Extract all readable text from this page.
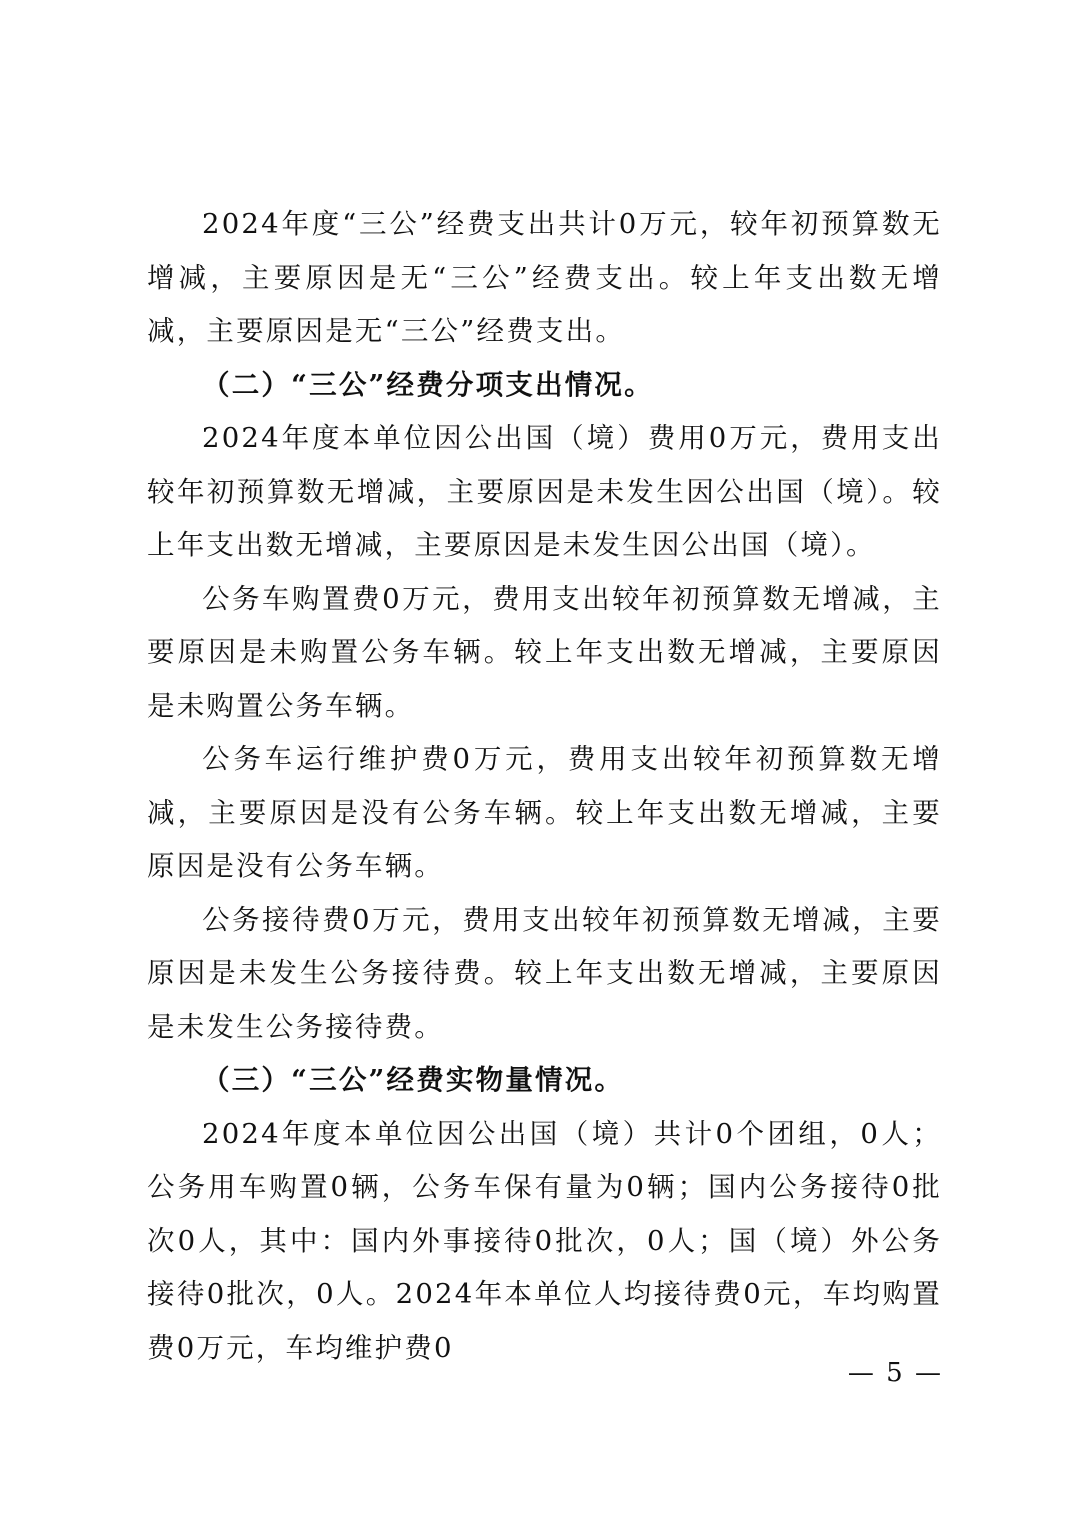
2024年度“三公”经费支出共计0万元，较年初预算数无增减，主要原因是无“三公”经费支出。较上年支出数无增减，主要原因是无“三公”经费支出。

（二）“三公”经费分项支出情况。

2024年度本单位因公出国（境）费用0万元，费用支出较年初预算数无增减，主要原因是未发生因公出国（境）。较上年支出数无增减，主要原因是未发生因公出国（境）。

公务车购置费0万元，费用支出较年初预算数无增减，主要原因是未购置公务车辆。较上年支出数无增减，主要原因是未购置公务车辆。

公务车运行维护费0万元，费用支出较年初预算数无增减，主要原因是没有公务车辆。较上年支出数无增减，主要原因是没有公务车辆。

公务接待费0万元，费用支出较年初预算数无增减，主要原因是未发生公务接待费。较上年支出数无增减，主要原因是未发生公务接待费。

（三）“三公”经费实物量情况。

2024年度本单位因公出国（境）共计0个团组，0人；公务用车购置0辆，公务车保有量为0辆；国内公务接待0批次0人，其中：国内外事接待0批次，0人；国（境）外公务接待0批次，0人。2024年本单位人均接待费0元，车均购置费0万元，车均维护费0

— 5 —
